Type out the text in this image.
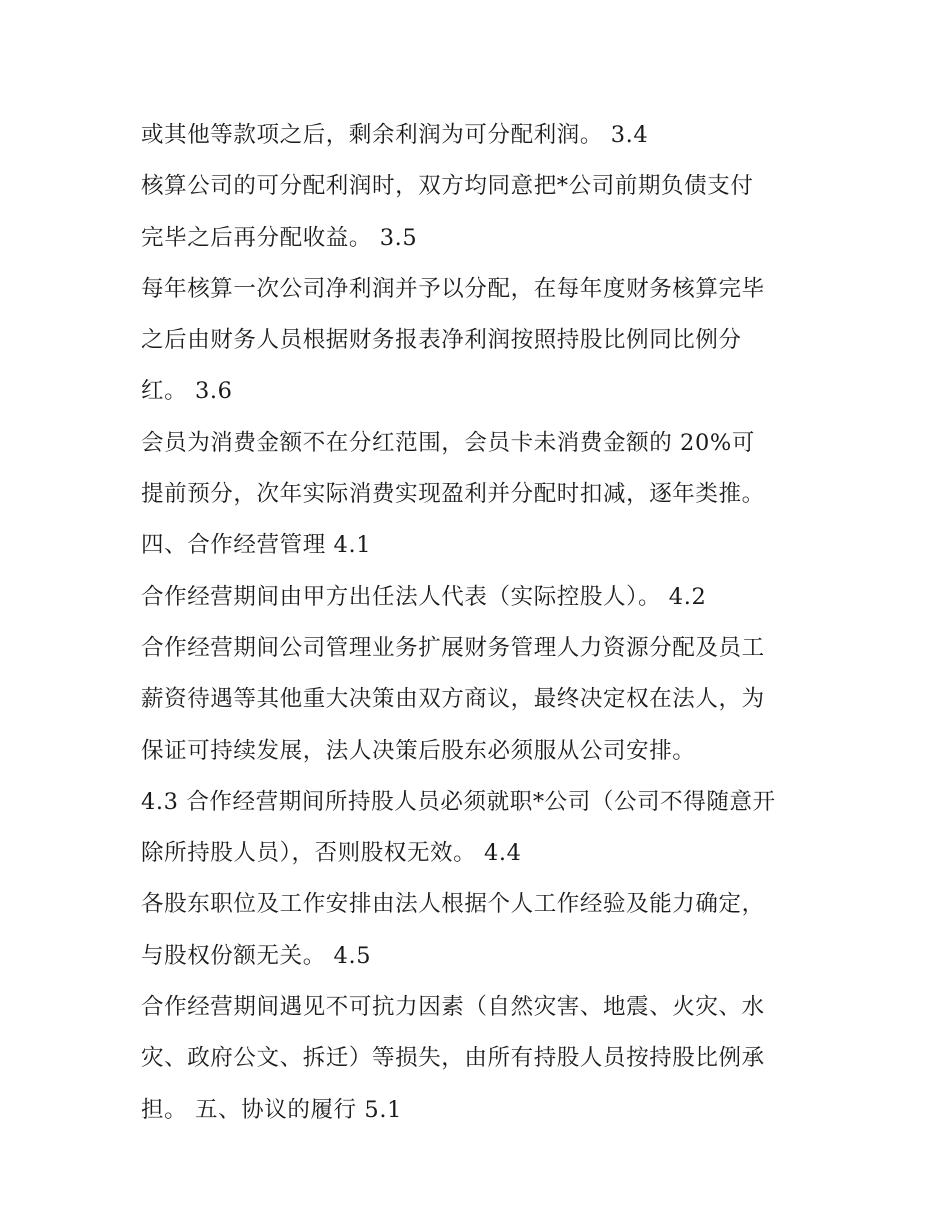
或其他等款项之后，剩余利润为可分配利润。 3.4
核算公司的可分配利润时，双方均同意把*公司前期负债支付
完毕之后再分配收益。 3.5
每年核算一次公司净利润并予以分配，在每年度财务核算完毕
之后由财务人员根据财务报表净利润按照持股比例同比例分
红。 3.6
会员为消费金额不在分红范围，会员卡未消费金额的 20%可
提前预分，次年实际消费实现盈利并分配时扣减，逐年类推。
四、合作经营管理 4.1
合作经营期间由甲方出任法人代表（实际控股人）。 4.2
合作经营期间公司管理业务扩展财务管理人力资源分配及员工
薪资待遇等其他重大决策由双方商议，最终决定权在法人，为
保证可持续发展，法人决策后股东必须服从公司安排。
4.3 合作经营期间所持股人员必须就职*公司（公司不得随意开
除所持股人员），否则股权无效。 4.4
各股东职位及工作安排由法人根据个人工作经验及能力确定，
与股权份额无关。 4.5
合作经营期间遇见不可抗力因素（自然灾害、地震、火灾、水
灾、政府公文、拆迁）等损失，由所有持股人员按持股比例承
担。 五、协议的履行 5.1
